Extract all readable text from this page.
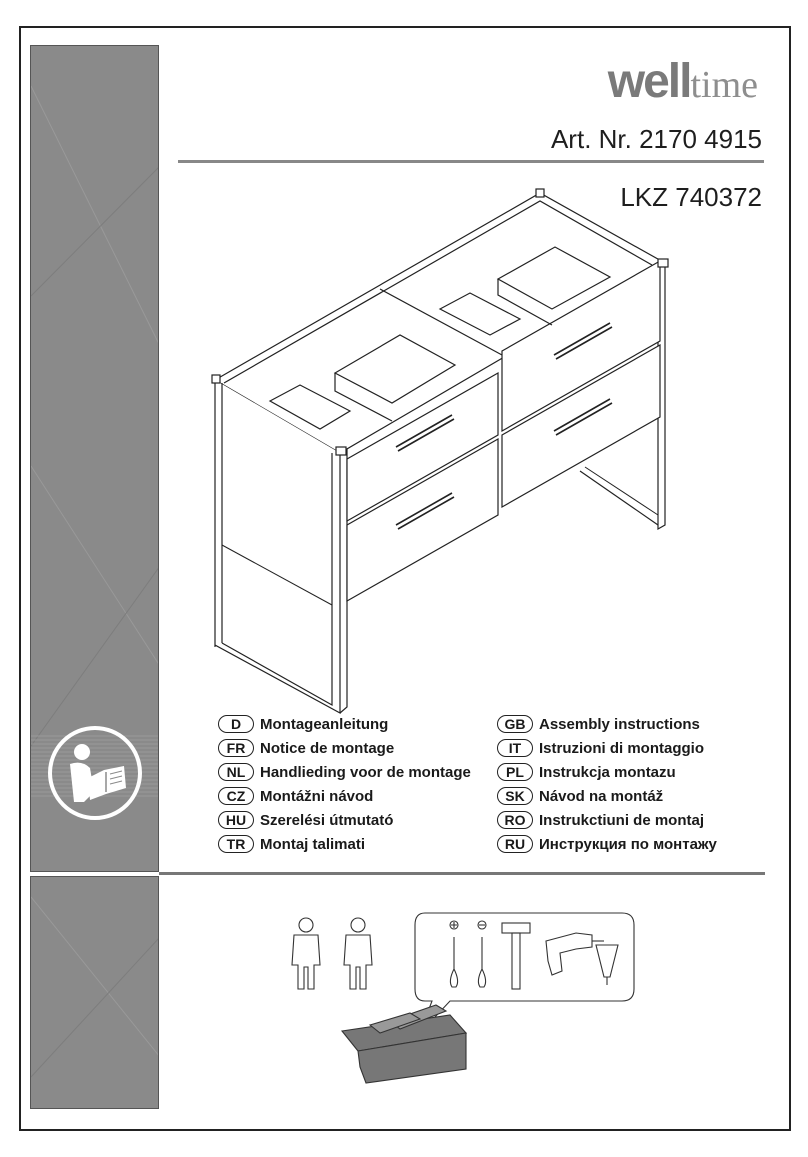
well time
Art. Nr. 2170 4915
LKZ 740372
D	Montageanleitung
FR Notice de montage
NL Handlieding voor de montage
CZ Montážni návod
HU Szerelési útmutató
TR Montaj talimati
GB Assembly instructions
IT	Istruzioni di montaggio
PL	Instrukcja montazu
SK Návod na montáž
RO Instrukctiuni de montaj
RU Инструкция по монтажу
